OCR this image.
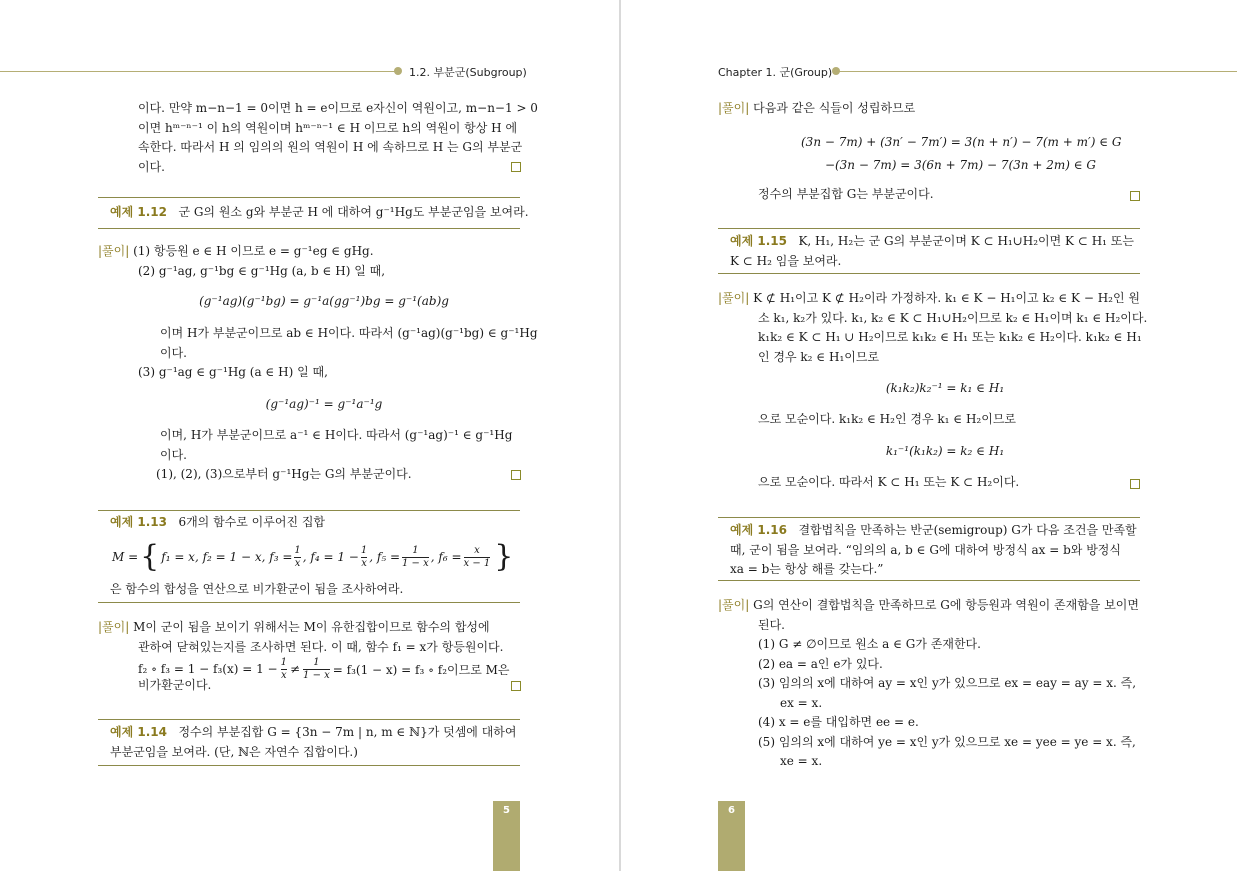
1.2. 부분군(Subgroup)
이다. 만약 m−n−1 = 0이면 h = e이므로 e자신이 역원이고, m−n−1 > 0
이면 hᵐ⁻ⁿ⁻¹ 이 h의 역원이며 hᵐ⁻ⁿ⁻¹ ∈ H 이므로 h의 역원이 항상 H 에
속한다. 따라서 H 의 임의의 원의 역원이 H 에 속하므로 H 는 G의 부분군
이다.
예제 1.12 군 G의 원소 g와 부분군 H 에 대하여 g⁻¹Hg도 부분군임을 보여라.
|풀이| (1) 항등원 e ∈ H 이므로 e = g⁻¹eg ∈ gHg.
(2) g⁻¹ag, g⁻¹bg ∈ g⁻¹Hg (a, b ∈ H) 일 때,
(g⁻¹ag)(g⁻¹bg) = g⁻¹a(gg⁻¹)bg = g⁻¹(ab)g
이며 H가 부분군이므로 ab ∈ H이다. 따라서 (g⁻¹ag)(g⁻¹bg) ∈ g⁻¹Hg
이다.
(3) g⁻¹ag ∈ g⁻¹Hg (a ∈ H) 일 때,
(g⁻¹ag)⁻¹ = g⁻¹a⁻¹g
이며, H가 부분군이므로 a⁻¹ ∈ H이다. 따라서 (g⁻¹ag)⁻¹ ∈ g⁻¹Hg
이다.
(1), (2), (3)으로부터 g⁻¹Hg는 G의 부분군이다.
예제 1.13 6개의 함수로 이루어진 집합
M = { f₁ = x,
f₂ = 1 − x,
$f_3 = \frac{1}{x}$ , $f_4 = 1 - \frac{1}{x}$ , $f_5 = \frac{1}{1 - x}$ , $f_6 = \frac{x}{x - 1}$ }
은 함수의 합성을 연산으로 비가환군이 됨을 조사하여라.
|풀이| M이 군이 됨을 보이기 위해서는 M이 유한집합이므로 함수의 합성에
관하여 닫혀있는지를 조사하면 된다. 이 때, 함수 f₁ = x가 항등원이다.
f₂ ∘ $f_3 = 1 - f_3(x) = 1 - \frac{1}{x} \ne \frac{1}{1 - x} = f_3(1 - x) = f_3$ ∘ f₂이므로 M은
비가환군이다.
예제 1.14 정수의 부분집합 G = {3n − 7m | n, m ∈ ℕ}가 덧셈에 대하여
부분군임을 보여라. (단, ℕ은 자연수 집합이다.)
5
Chapter 1. 군(Group)
|풀이| 다음과 같은 식들이 성립하므로
(3n − 7m) + (3n′ − 7m′) = 3(n + n′) − 7(m + m′) ∈ G
−(3n − 7m) = 3(6n + 7m) − 7(3n + 2m) ∈ G
정수의 부분집합 G는 부분군이다.
예제 1.15 K, H₁, H₂는 군 G의 부분군이며 K ⊂ H₁∪H₂이면 K ⊂ H₁ 또는
K ⊂ H₂ 임을 보여라.
|풀이| K ⊄ H₁이고 K ⊄ H₂이라 가정하자. k₁ ∈ K − H₁이고 k₂ ∈ K − H₂인 원
소 k₁, k₂가 있다. k₁, k₂ ∈ K ⊂ H₁∪H₂이므로 k₂ ∈ H₁이며 k₁ ∈ H₂이다.
k₁k₂ ∈ K ⊂ H₁ ∪ H₂이므로 k₁k₂ ∈ H₁ 또는 k₁k₂ ∈ H₂이다. k₁k₂ ∈ H₁
인 경우 k₂ ∈ H₁이므로
(k₁k₂)k₂⁻¹ = k₁ ∈ H₁
으로 모순이다. k₁k₂ ∈ H₂인 경우 k₁ ∈ H₂이므로
k₁⁻¹(k₁k₂) = k₂ ∈ H₁
으로 모순이다. 따라서 K ⊂ H₁ 또는 K ⊂ H₂이다.
예제 1.16 결합법칙을 만족하는 반군(semigroup) G가 다음 조건을 만족할
때, 군이 됨을 보여라. “임의의 a, b ∈ G에 대하여 방정식 ax = b와 방정식
xa = b는 항상 해를 갖는다.”
|풀이| G의 연산이 결합법칙을 만족하므로 G에 항등원과 역원이 존재함을 보이면
된다.
(1) G ≠ ∅이므로 원소 a ∈ G가 존재한다.
(2) ea = a인 e가 있다.
(3) 임의의 x에 대하여 ay = x인 y가 있으므로 ex = eay = ay = x. 즉,
ex = x.
(4) x = e를 대입하면 ee = e.
(5) 임의의 x에 대하여 ye = x인 y가 있으므로 xe = yee = ye = x. 즉,
xe = x.
6
